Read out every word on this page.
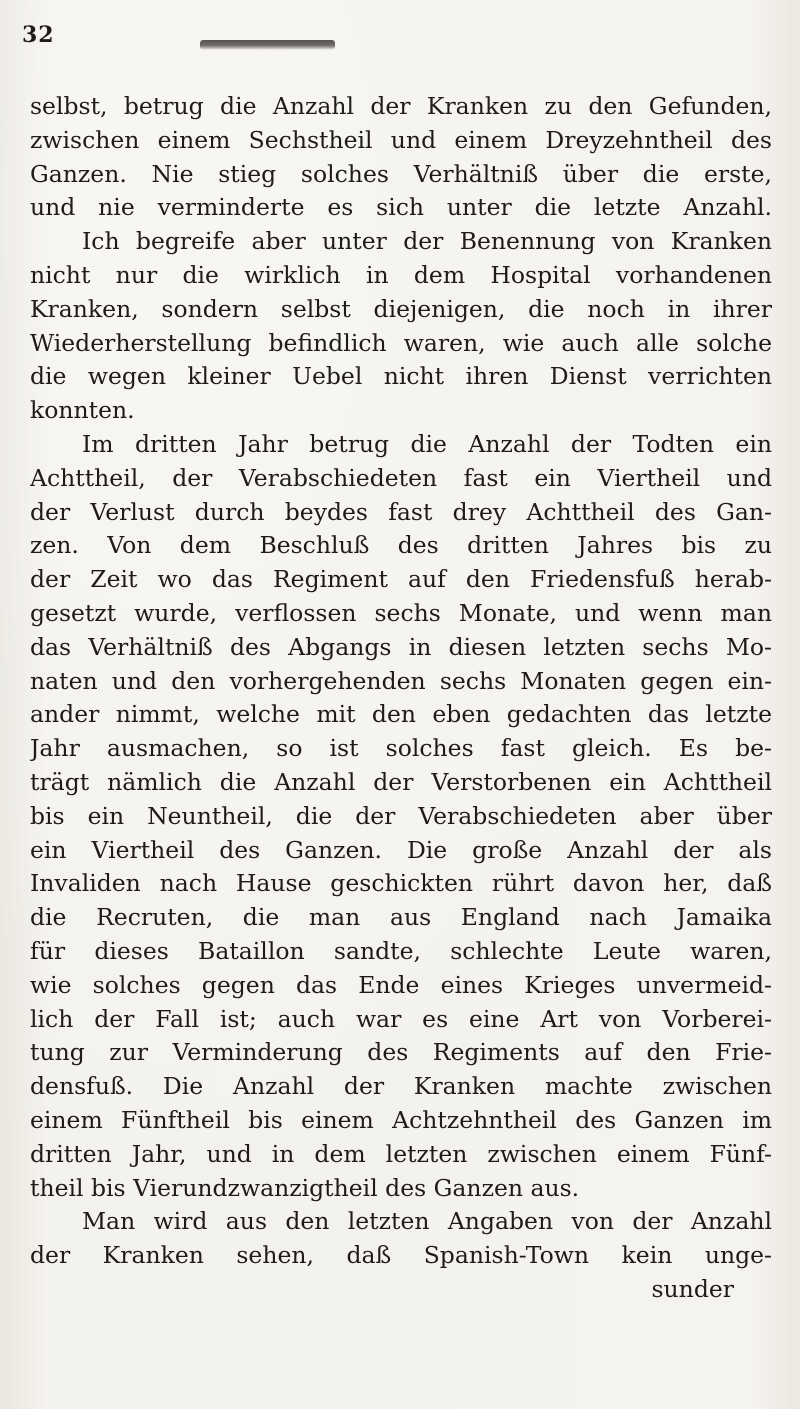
32
selbst, betrug die Anzahl der Kranken zu den Gefunden,
zwischen einem Sechstheil und einem Dreyzehntheil des
Ganzen. Nie stieg solches Verhältniß über die erste,
und nie verminderte es sich unter die letzte Anzahl.
Ich begreife aber unter der Benennung von Kranken
nicht nur die wirklich in dem Hospital vorhandenen
Kranken, sondern selbst diejenigen, die noch in ihrer
Wiederherstellung befindlich waren, wie auch alle solche
die wegen kleiner Uebel nicht ihren Dienst verrichten
konnten.
Im dritten Jahr betrug die Anzahl der Todten ein
Achttheil, der Verabschiedeten fast ein Viertheil und
der Verlust durch beydes fast drey Achttheil des Gan-
zen. Von dem Beschluß des dritten Jahres bis zu
der Zeit wo das Regiment auf den Friedensfuß herab-
gesetzt wurde, verflossen sechs Monate, und wenn man
das Verhältniß des Abgangs in diesen letzten sechs Mo-
naten und den vorhergehenden sechs Monaten gegen ein-
ander nimmt, welche mit den eben gedachten das letzte
Jahr ausmachen, so ist solches fast gleich. Es be-
trägt nämlich die Anzahl der Verstorbenen ein Achttheil
bis ein Neuntheil, die der Verabschiedeten aber über
ein Viertheil des Ganzen. Die große Anzahl der als
Invaliden nach Hause geschickten rührt davon her, daß
die Recruten, die man aus England nach Jamaika
für dieses Bataillon sandte, schlechte Leute waren,
wie solches gegen das Ende eines Krieges unvermeid-
lich der Fall ist; auch war es eine Art von Vorberei-
tung zur Verminderung des Regiments auf den Frie-
densfuß. Die Anzahl der Kranken machte zwischen
einem Fünftheil bis einem Achtzehntheil des Ganzen im
dritten Jahr, und in dem letzten zwischen einem Fünf-
theil bis Vierundzwanzigtheil des Ganzen aus.
Man wird aus den letzten Angaben von der Anzahl
der Kranken sehen, daß Spanish-Town kein unge-
sunder
